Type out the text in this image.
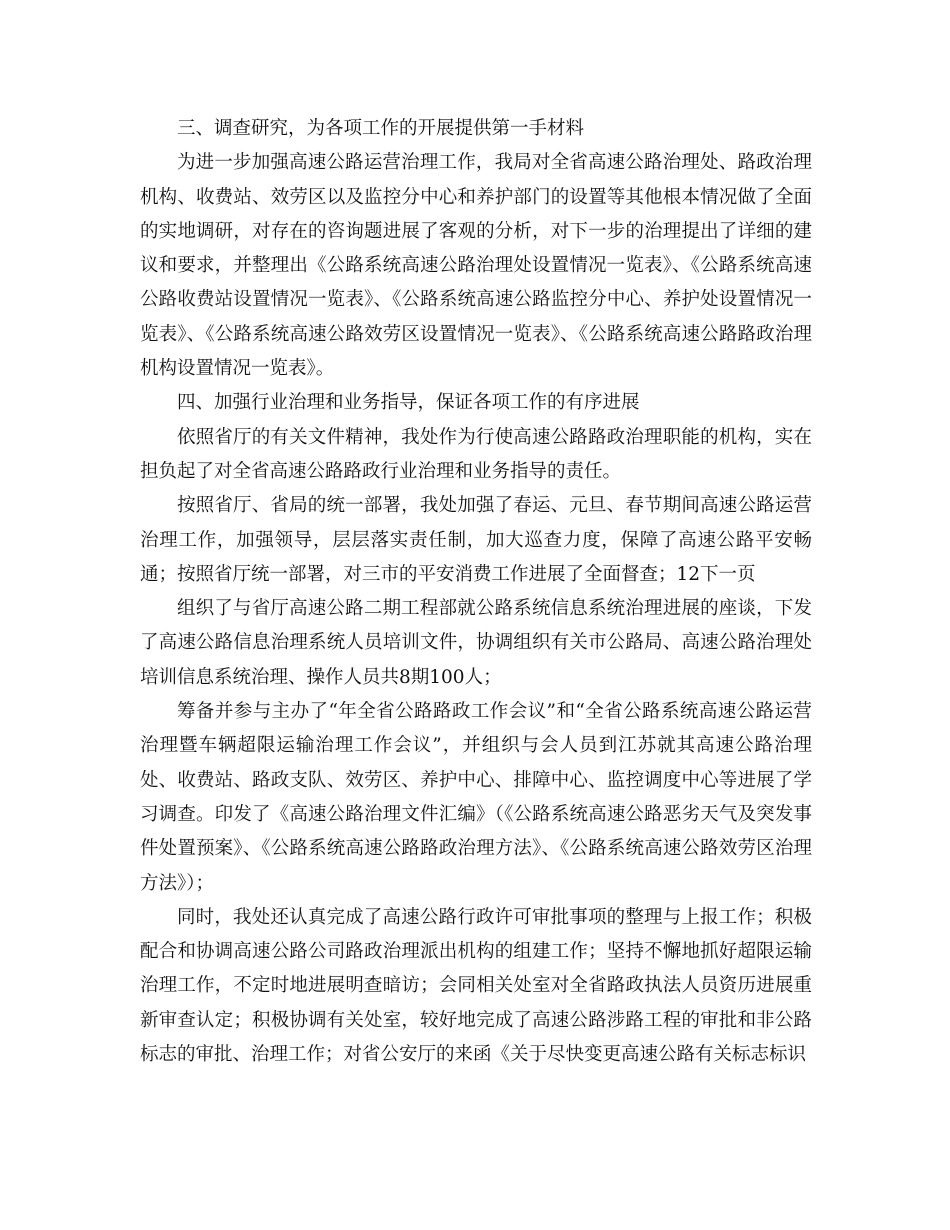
三、调查研究，为各项工作的开展提供第一手材料

为进一步加强高速公路运营治理工作，我局对全省高速公路治理处、路政治理机构、收费站、效劳区以及监控分中心和养护部门的设置等其他根本情况做了全面的实地调研，对存在的咨询题进展了客观的分析，对下一步的治理提出了详细的建议和要求，并整理出《公路系统高速公路治理处设置情况一览表》、《公路系统高速公路收费站设置情况一览表》、《公路系统高速公路监控分中心、养护处设置情况一览表》、《公路系统高速公路效劳区设置情况一览表》、《公路系统高速公路路政治理机构设置情况一览表》。

四、加强行业治理和业务指导，保证各项工作的有序进展

依照省厅的有关文件精神，我处作为行使高速公路路政治理职能的机构，实在担负起了对全省高速公路路政行业治理和业务指导的责任。

按照省厅、省局的统一部署，我处加强了春运、元旦、春节期间高速公路运营治理工作，加强领导，层层落实责任制，加大巡查力度，保障了高速公路平安畅通；按照省厅统一部署，对三市的平安消费工作进展了全面督查；12下一页

组织了与省厅高速公路二期工程部就公路系统信息系统治理进展的座谈，下发了高速公路信息治理系统人员培训文件，协调组织有关市公路局、高速公路治理处培训信息系统治理、操作人员共8期100人；

筹备并参与主办了“年全省公路路政工作会议”和“全省公路系统高速公路运营治理暨车辆超限运输治理工作会议”，并组织与会人员到江苏就其高速公路治理处、收费站、路政支队、效劳区、养护中心、排障中心、监控调度中心等进展了学习调查。印发了《高速公路治理文件汇编》（《公路系统高速公路恶劣天气及突发事件处置预案》、《公路系统高速公路路政治理方法》、《公路系统高速公路效劳区治理方法》）；

同时，我处还认真完成了高速公路行政许可审批事项的整理与上报工作；积极配合和协调高速公路公司路政治理派出机构的组建工作；坚持不懈地抓好超限运输治理工作，不定时地进展明查暗访；会同相关处室对全省路政执法人员资历进展重新审查认定；积极协调有关处室，较好地完成了高速公路涉路工程的审批和非公路标志的审批、治理工作；对省公安厅的来函《关于尽快变更高速公路有关标志标识
